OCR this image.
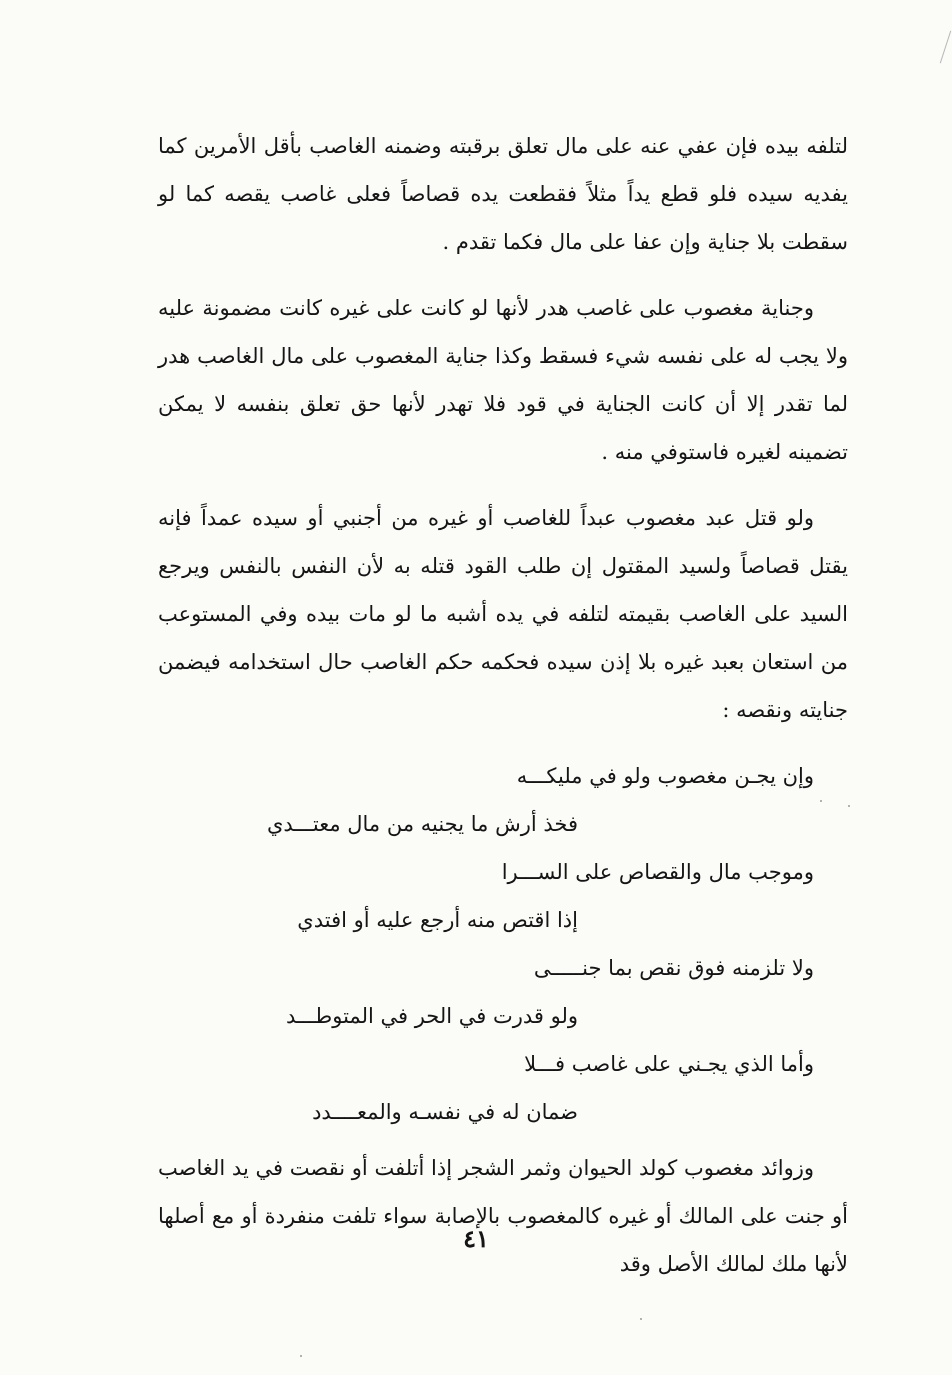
لتلفه بيده فإن عفي عنه على مال تعلق برقبته وضمنه الغاصب بأقل الأمرين كما يفديه سيده فلو قطع يداً مثلاً فقطعت يده قصاصاً فعلى غاصب يقصه كما لو سقطت بلا جناية وإن عفا على مال فكما تقدم .

وجناية مغصوب على غاصب هدر لأنها لو كانت على غيره كانت مضمونة عليه ولا يجب له على نفسه شيء فسقط وكذا جناية المغصوب على مال الغاصب هدر لما تقدر إلا أن كانت الجناية في قود فلا تهدر لأنها حق تعلق بنفسه لا يمكن تضمينه لغيره فاستوفي منه .

ولو قتل عبد مغصوب عبداً للغاصب أو غيره من أجنبي أو سيده عمداً فإنه يقتل قصاصاً ولسيد المقتول إن طلب القود قتله به لأن النفس بالنفس ويرجع السيد على الغاصب بقيمته لتلفه في يده أشبه ما لو مات بيده وفي المستوعب من استعان بعبد غيره بلا إذن سيده فحكمه حكم الغاصب حال استخدامه فيضمن جنايته ونقصه :

وإن يجـن مغصوب ولو في مليكـــه
فخذ أرش ما يجنيه من مال معتـــدي
وموجب مال والقصاص على الســـرا
إذا اقتص منه أرجع عليه أو افتدي
ولا تلزمنه فوق نقص بما جنـــــى
ولو قدرت في الحر في المتوطـــد
وأما الذي يجـني على غاصب فـــلا
ضمان له في نفسـه والمعــــدد

وزوائد مغصوب كولد الحيوان وثمر الشجر إذا أتلفت أو نقصت في يد الغاصب أو جنت على المالك أو غيره كالمغصوب بالإصابة سواء تلفت منفردة أو مع أصلها لأنها ملك لمالك الأصل وقد

٤١
